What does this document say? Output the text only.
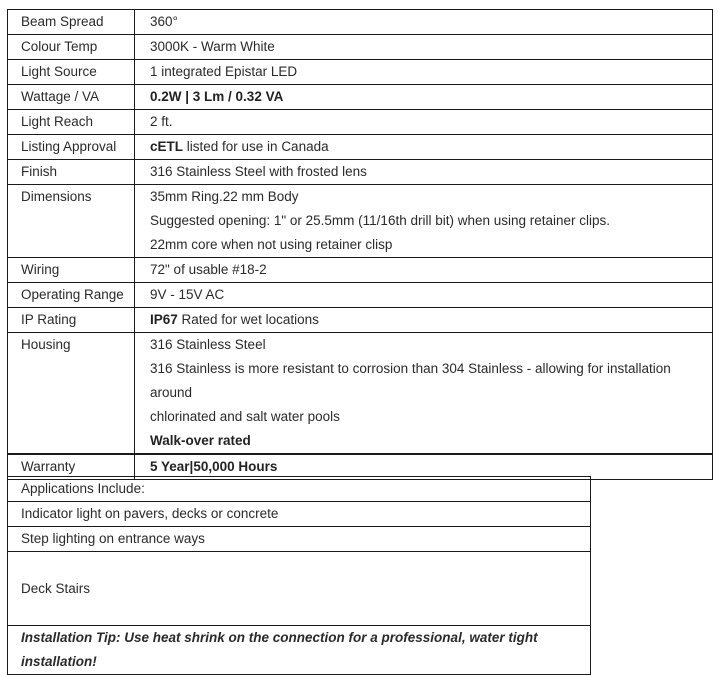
Beam Spread	360°
Colour Temp	3000K - Warm White
Light Source	1 integrated Epistar LED
Wattage / VA	0.2W | 3 Lm / 0.32 VA
Light Reach	2 ft.
Listing Approval	cETL listed for use in Canada
Finish	316 Stainless Steel with frosted lens
Dimensions	35mm Ring.22 mm Body
Suggested opening: 1" or 25.5mm (11/16th drill bit) when using retainer clips.
22mm core when not using retainer clisp

Wiring	72" of usable #18-2
Operating Range	9V - 15V AC
IP Rating	IP67 Rated for wet locations
Housing	316 Stainless Steel
316 Stainless is more resistant to corrosion than 304 Stainless - allowing for installation around
chlorinated and salt water pools
Walk-over rated

Warranty	5 Year|50,000 Hours
Applications Include:
Indicator light on pavers, decks or concrete
Step lighting on entrance ways
Deck Stairs
Installation Tip: Use heat shrink on the connection for a professional, water tight installation!
